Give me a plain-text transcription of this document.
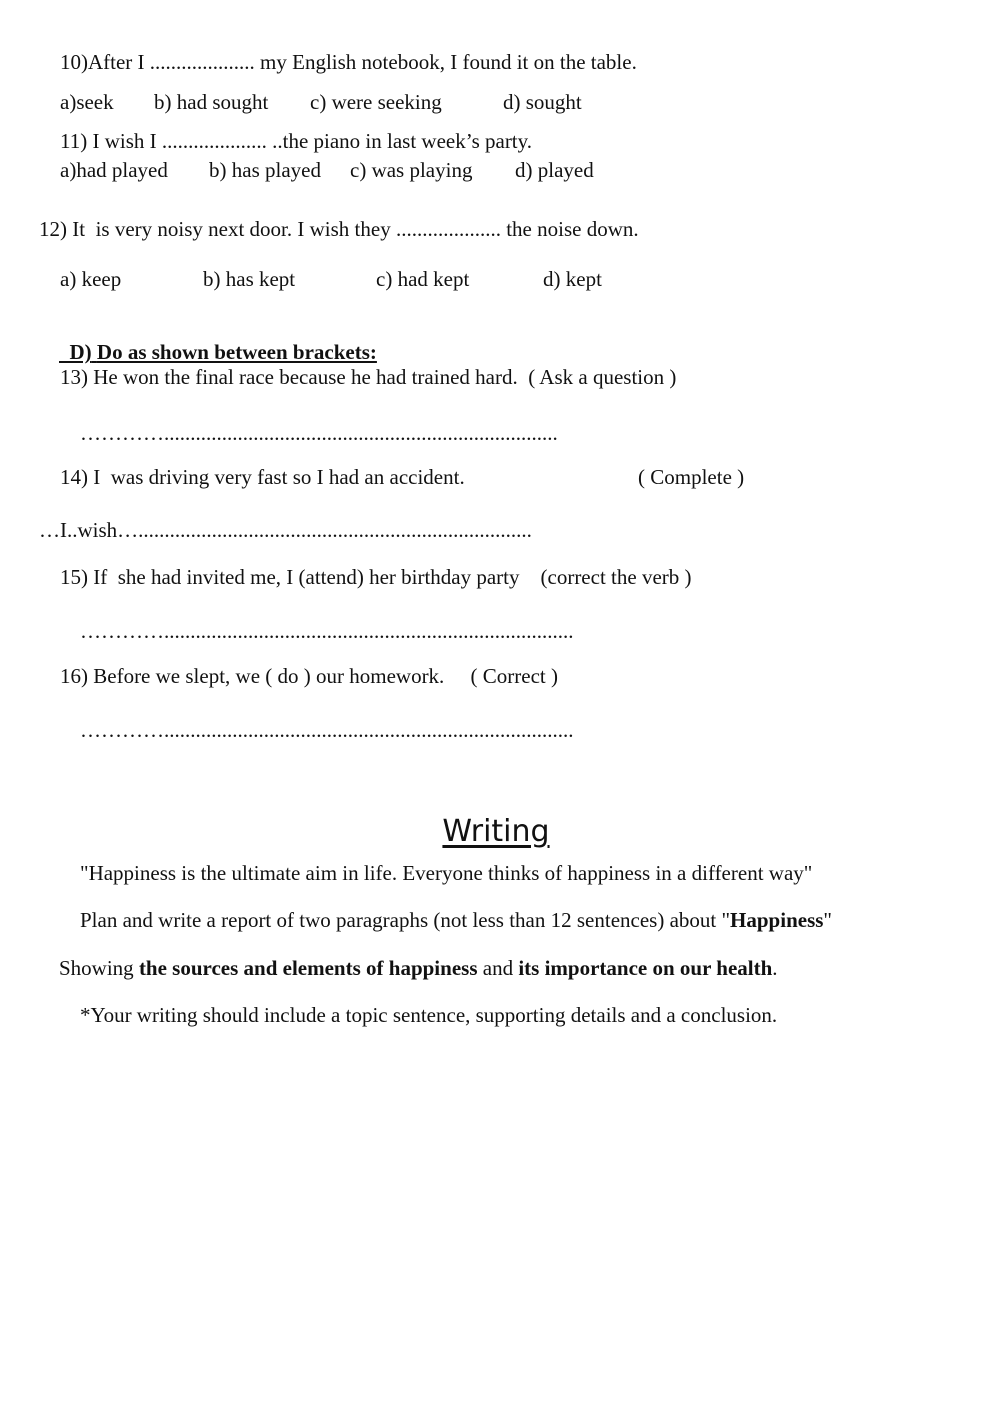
10)After I .................... my English notebook, I found it on the table.
a)seek b) had sought c) were seeking	d) sought
11) I wish I .................... ..the piano in last week’s party.
a)had played b) has played c) was playing d) played
12) It  is very noisy next door. I wish they .................... the noise down.
a) keep	b) has kept	c) had kept	d) kept

D) Do as shown between brackets:

13) He won the final race because he had trained hard.  ( Ask a question )
…………...........................................................................
14) I  was driving very fast so I had an accident.	( Complete )
…I..wish…...........................................................................
15) If  she had invited me, I (attend) her birthday party    (correct the verb )
…………..............................................................................
16) Before we slept, we ( do ) our homework.     ( Correct )
…………..............................................................................
Writing
"Happiness is the ultimate aim in life. Everyone thinks of happiness in a different way"
Plan and write a report of two paragraphs (not less than 12 sentences) about "Happiness"
Showing the sources and elements of happiness and its importance on our health.
*Your writing should include a topic sentence, supporting details and a conclusion.
